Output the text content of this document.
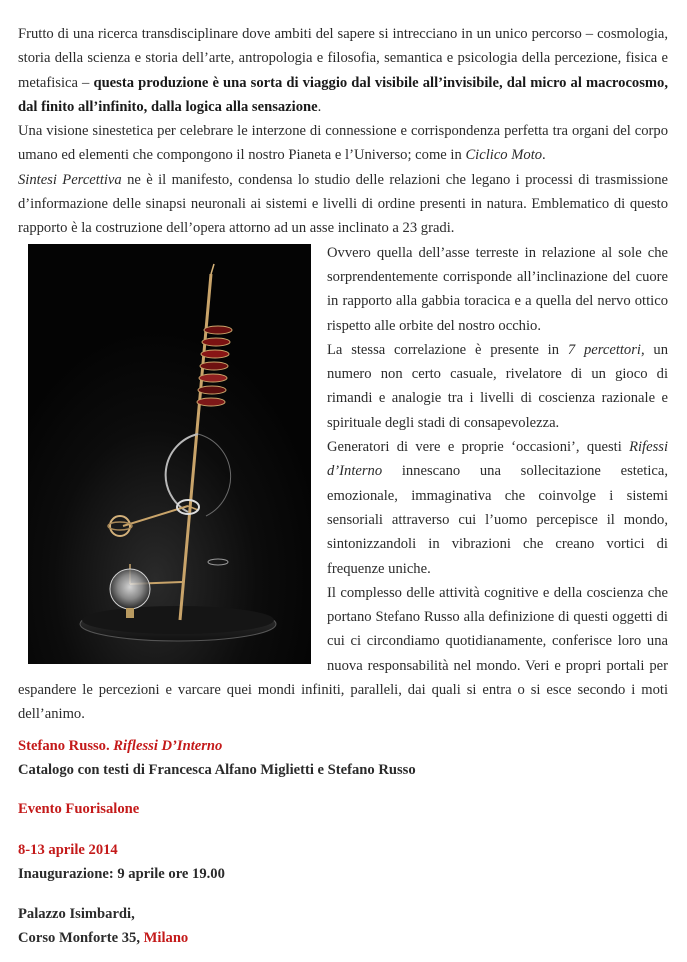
Frutto di una ricerca transdisciplinare dove ambiti del sapere si intrecciano in un unico percorso – cosmologia, storia della scienza e storia dell’arte, antropologia e filosofia, semantica e psicologia della percezione, fisica e metafisica – questa produzione è una sorta di viaggio dal visibile all’invisibile, dal micro al macrocosmo, dal finito all’infinito, dalla logica alla sensazione.

Una visione sinestetica per celebrare le interzone di connessione e corrispondenza perfetta tra organi del corpo umano ed elementi che compongono il nostro Pianeta e l’Universo; come in Ciclico Moto.

Sintesi Percettiva ne è il manifesto, condensa lo studio delle relazioni che legano i processi di trasmissione d’informazione delle sinapsi neuronali ai sistemi e livelli di ordine presenti in natura. Emblematico di questo rapporto è la costruzione dell’opera attorno ad un asse inclinato a 23 gradi.

Ovvero quella dell’asse terreste in relazione al sole che sorprendentemente corrisponde all’inclinazione del cuore in rapporto alla gabbia toracica e a quella del nervo ottico rispetto alle orbite del nostro occhio.

La stessa correlazione è presente in 7 percettori, un numero non certo casuale, rivelatore di un gioco di rimandi e analogie tra i livelli di coscienza razionale e spirituale degli stadi di consapevolezza.

Generatori di vere e proprie ‘occasioni’, questi Rifessi d’Interno innescano una sollecitazione estetica, emozionale, immaginativa che coinvolge i sistemi sensoriali attraverso cui l’uomo percepisce il mondo, sintonizzandoli in vibrazioni che creano vortici di frequenze uniche.

Il complesso delle attività cognitive e della coscienza che portano Stefano Russo alla definizione di questi oggetti di cui ci circondiamo quotidianamente, conferisce loro una nuova responsabilità nel mondo. Veri e propri portali per espandere le percezioni e varcare quei mondi infiniti, paralleli, dai quali si entra o si esce secondo i moti dell’animo.

Stefano Russo. Riflessi D’Interno
Catalogo con testi di Francesca Alfano Miglietti e Stefano Russo
Evento Fuorisalone
8-13 aprile 2014
Inaugurazione: 9 aprile ore 19.00
Palazzo Isimbardi,
Corso Monforte 35, Milano
